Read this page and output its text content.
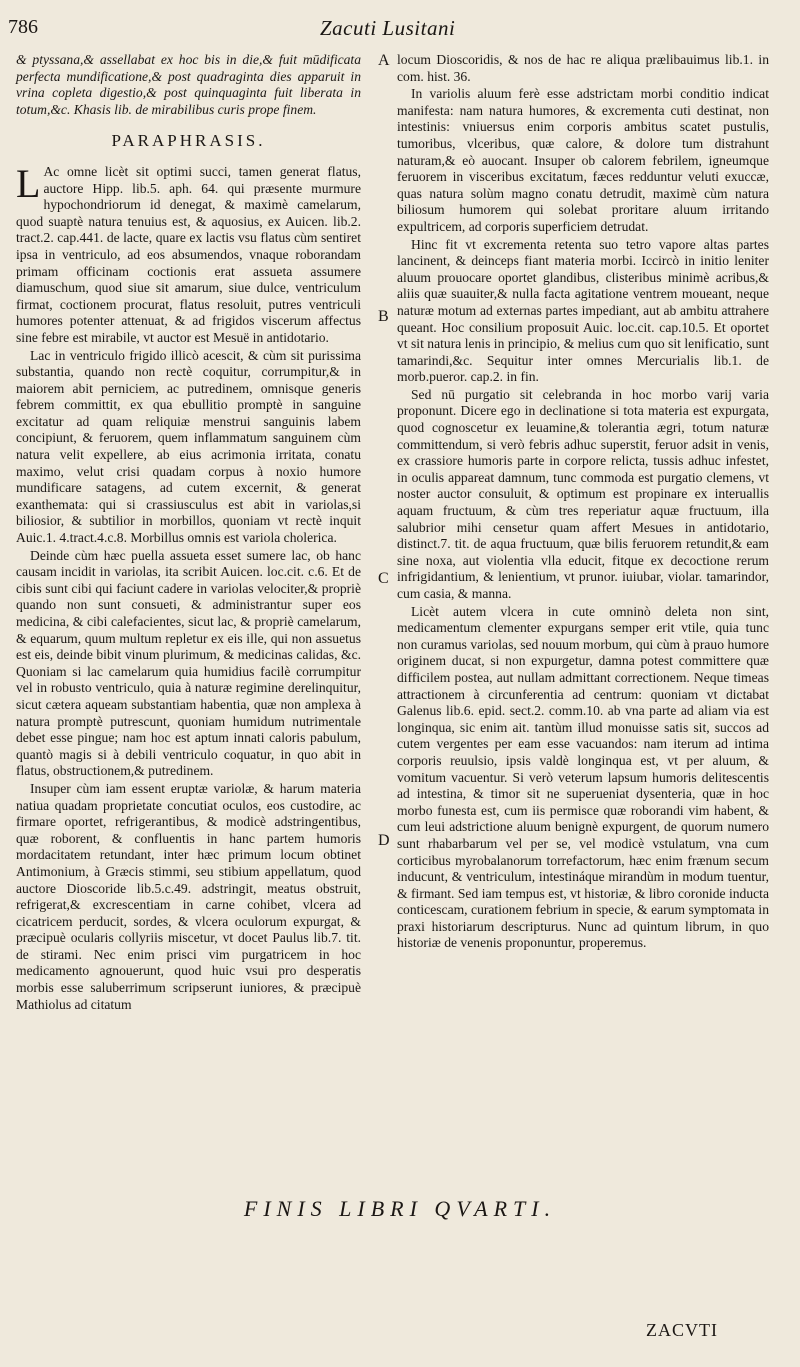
786	Zacuti Lusitani

& ptyssana,& assellabat ex hoc bis in die,& fuit mūdificata perfecta mundificatione,& post quadraginta dies apparuit in vrina copleta digestio,& post quinquaginta fuit liberata in totum,&c. Khasis lib. de mirabilibus curis prope finem.

PARAPHRASIS.

L Ac omne licèt sit optimi succi, tamen generat flatus, auctore Hipp. lib.5. aph. 64. qui præsente murmure hypochondriorum id denegat, & maximè camelarum, quod suaptè natura tenuius est, & aquosius, ex Auicen. lib.2. tract.2. cap.441. de lacte, quare ex lactis vsu flatus cùm sentiret ipsa in ventriculo, ad eos absumendos, vnaque roborandam primam officinam coctionis erat assueta assumere diamuschum, quod siue sit amarum, siue dulce, ventriculum firmat, coctionem procurat, flatus resoluit, putres ventriculi humores potenter attenuat, & ad frigidos viscerum affectus sine febre est mirabile, vt auctor est Mesuë in antidotario.

Lac in ventriculo frigido illicò acescit, & cùm sit purissima substantia, quando non rectè coquitur, corrumpitur,& in maiorem abit perniciem, ac putredinem, omnisque generis febrem committit, ex qua ebullitio promptè in sanguine excitatur ad quam reliquiæ menstrui sanguinis labem concipiunt, & feruorem, quem inflammatum sanguinem cùm natura velit expellere, ab eius acrimonia irritata, conatu maximo, velut crisi quadam corpus à noxio humore mundificare satagens, ad cutem excernit, & generat exanthemata: qui si crassiusculus est abit in variolas,si biliosior, & subtilior in morbillos, quoniam vt rectè inquit Auic.1. 4.tract.4.c.8. Morbillus omnis est variola cholerica.

Deinde cùm hæc puella assueta esset sumere lac, ob hanc causam incidit in variolas, ita scribit Auicen. loc.cit. c.6. Et de cibis sunt cibi qui faciunt cadere in variolas velociter,& propriè quando non sunt consueti, & administrantur super eos medicina, & cibi calefacientes, sicut lac, & propriè camelarum, & equarum, quum multum repletur ex eis ille, qui non assuetus est eis, deinde bibit vinum plurimum, & medicinas calidas, &c. Quoniam si lac camelarum quia humidius facilè corrumpitur vel in robusto ventriculo, quia à naturæ regimine derelinquitur, sicut cætera aqueam substantiam habentia, quæ non amplexa à natura promptè putrescunt, quoniam humidum nutrimentale debet esse pingue; nam hoc est aptum innati caloris pabulum, quantò magis si à debili ventriculo coquatur, in quo abit in flatus, obstructionem,& putredinem.

Insuper cùm iam essent eruptæ variolæ, & harum materia natiua quadam proprietate concutiat oculos, eos custodire, ac firmare oportet, refrigerantibus, & modicè adstringentibus, quæ roborent, & confluentis in hanc partem humoris mordacitatem retundant, inter hæc primum locum obtinet Antimonium, à Græcis stimmi, seu stibium appellatum, quod auctore Dioscoride lib.5.c.49. adstringit, meatus obstruit, refrigerat,& excrescentiam in carne cohibet, vlcera ad cicatricem perducit, sordes, & vlcera oculorum expurgat, & præcipuè ocularis collyriis miscetur, vt docet Paulus lib.7. tit. de stirami. Nec enim prisci vim purgatricem in hoc medicamento agnouerunt, quod huic vsui pro desperatis morbis esse saluberrimum scripserunt iuniores, & præcipuè Mathiolus ad citatum

A
B
C
D

locum Dioscoridis, & nos de hac re aliqua prælibauimus lib.1. in com. hist. 36.

In variolis aluum ferè esse adstrictam morbi conditio indicat manifesta: nam natura humores, & excrementa cuti destinat, non intestinis: vniuersus enim corporis ambitus scatet pustulis, tumoribus, vlceribus, quæ calore, & dolore tum distrahunt naturam,& eò auocant. Insuper ob calorem febrilem, igneumque feruorem in visceribus excitatum, fæces redduntur veluti exuccæ, quas natura solùm magno conatu detrudit, maximè cùm natura biliosum humorem qui solebat proritare aluum irritando expultricem, ad corporis superficiem detrudat.

Hinc fit vt excrementa retenta suo tetro vapore altas partes lancinent, & deinceps fiant materia morbi. Iccircò in initio leniter aluum prouocare oportet glandibus, clisteribus minimè acribus,& aliis quæ suauiter,& nulla facta agitatione ventrem moueant, neque naturæ motum ad externas partes impediant, aut ab ambitu attrahere queant. Hoc consilium proposuit Auic. loc.cit. cap.10.5. Et oportet vt sit natura lenis in principio, & melius cum quo sit lenificatio, sunt tamarindi,&c. Sequitur inter omnes Mercurialis lib.1. de morb.pueror. cap.2. in fin.

Sed nū purgatio sit celebranda in hoc morbo varij varia proponunt. Dicere ego in declinatione si tota materia est expurgata, quod cognoscetur ex leuamine,& tolerantia ægri, totum naturæ committendum, si verò febris adhuc superstit, feruor adsit in venis, ex crassiore humoris parte in corpore relicta, tussis adhuc infestet, in oculis appareat damnum, tunc commoda est purgatio clemens, vt noster auctor consuluit, & optimum est propinare ex interuallis aquam fructuum, & cùm tres reperiatur aquæ fructuum, illa salubrior mihi censetur quam affert Mesues in antidotario, distinct.7. tit. de aqua fructuum, quæ bilis feruorem retundit,& eam sine noxa, aut violentia vlla educit, fitque ex decoctione rerum infrigidantium, & lenientium, vt prunor. iuiubar, violar. tamarindor, cum casia, & manna.

Licèt autem vlcera in cute omninò deleta non sint, medicamentum clementer expurgans semper erit vtile, quia tunc non curamus variolas, sed nouum morbum, qui cùm à prauo humore originem ducat, si non expurgetur, damna potest committere quæ difficilem postea, aut nullam admittant correctionem. Neque timeas attractionem à circunferentia ad centrum: quoniam vt dictabat Galenus lib.6. epid. sect.2. comm.10. ab vna parte ad aliam via est longinqua, sic enim ait. tantùm illud monuisse satis sit, succos ad cutem vergentes per eam esse vacuandos: nam iterum ad intima corporis reuulsio, ipsis valdè longinqua est, vt per aluum, & vomitum vacuentur. Si verò veterum lapsum humoris delitescentis ad intestina, & timor sit ne superueniat dysenteria, quæ in hoc morbo funesta est, cum iis permisce quæ roborandi vim habent, & cum leui adstrictione aluum benignè expurgent, de quorum numero sunt rhabarbarum vel per se, vel modicè vstulatum, vna cum corticibus myrobalanorum torrefactorum, hæc enim frænum secum inducunt, & ventriculum, intestináque mirandùm in modum tuentur, & firmant. Sed iam tempus est, vt historiæ, & libro coronide inducta conticescam, curationem febrium in specie, & earum symptomata in praxi historiarum descripturus. Nunc ad quintum librum, in quo historiæ de venenis proponuntur, properemus.

FINIS LIBRI QVARTI.
ZACVTI
